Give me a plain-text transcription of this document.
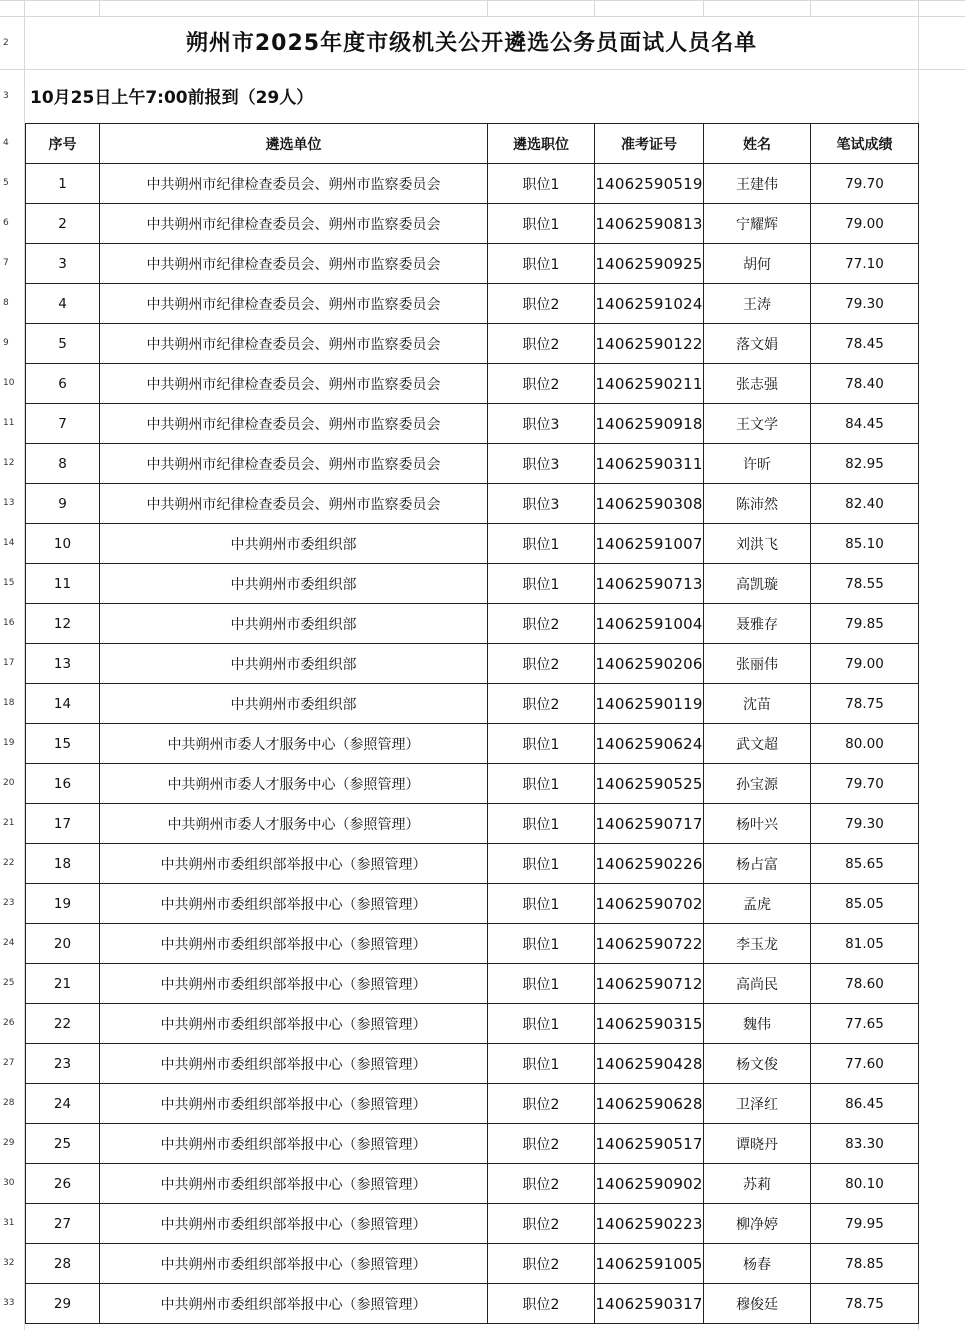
2
3
4
5
6
7
8
9
10
11
12
13
14
15
16
17
18
19
20
21
22
23
24
25
26
27
28
29
30
31
32
33
朔州市2025年度市级机关公开遴选公务员面试人员名单
10月25日上午7:00前报到（29人）
序号	遴选单位	遴选职位	准考证号	姓名	笔试成绩
1	中共朔州市纪律检查委员会、朔州市监察委员会	职位1	14062590519	王建伟	79.70
2	中共朔州市纪律检查委员会、朔州市监察委员会	职位1	14062590813	宁耀辉	79.00
3	中共朔州市纪律检查委员会、朔州市监察委员会	职位1	14062590925	胡何	77.10
4	中共朔州市纪律检查委员会、朔州市监察委员会	职位2	14062591024	王涛	79.30
5	中共朔州市纪律检查委员会、朔州市监察委员会	职位2	14062590122	落文娟	78.45
6	中共朔州市纪律检查委员会、朔州市监察委员会	职位2	14062590211	张志强	78.40
7	中共朔州市纪律检查委员会、朔州市监察委员会	职位3	14062590918	王文学	84.45
8	中共朔州市纪律检查委员会、朔州市监察委员会	职位3	14062590311	许昕	82.95
9	中共朔州市纪律检查委员会、朔州市监察委员会	职位3	14062590308	陈沛然	82.40
10	中共朔州市委组织部	职位1	14062591007	刘洪飞	85.10
11	中共朔州市委组织部	职位1	14062590713	高凯璇	78.55
12	中共朔州市委组织部	职位2	14062591004	聂雅存	79.85
13	中共朔州市委组织部	职位2	14062590206	张丽伟	79.00
14	中共朔州市委组织部	职位2	14062590119	沈苗	78.75
15	中共朔州市委人才服务中心（参照管理）	职位1	14062590624	武文超	80.00
16	中共朔州市委人才服务中心（参照管理）	职位1	14062590525	孙宝源	79.70
17	中共朔州市委人才服务中心（参照管理）	职位1	14062590717	杨叶兴	79.30
18	中共朔州市委组织部举报中心（参照管理）	职位1	14062590226	杨占富	85.65
19	中共朔州市委组织部举报中心（参照管理）	职位1	14062590702	孟虎	85.05
20	中共朔州市委组织部举报中心（参照管理）	职位1	14062590722	李玉龙	81.05
21	中共朔州市委组织部举报中心（参照管理）	职位1	14062590712	高尚民	78.60
22	中共朔州市委组织部举报中心（参照管理）	职位1	14062590315	魏伟	77.65
23	中共朔州市委组织部举报中心（参照管理）	职位1	14062590428	杨文俊	77.60
24	中共朔州市委组织部举报中心（参照管理）	职位2	14062590628	卫泽红	86.45
25	中共朔州市委组织部举报中心（参照管理）	职位2	14062590517	谭晓丹	83.30
26	中共朔州市委组织部举报中心（参照管理）	职位2	14062590902	苏莉	80.10
27	中共朔州市委组织部举报中心（参照管理）	职位2	14062590223	柳净婷	79.95
28	中共朔州市委组织部举报中心（参照管理）	职位2	14062591005	杨春	78.85
29	中共朔州市委组织部举报中心（参照管理）	职位2	14062590317	穆俊廷	78.75
